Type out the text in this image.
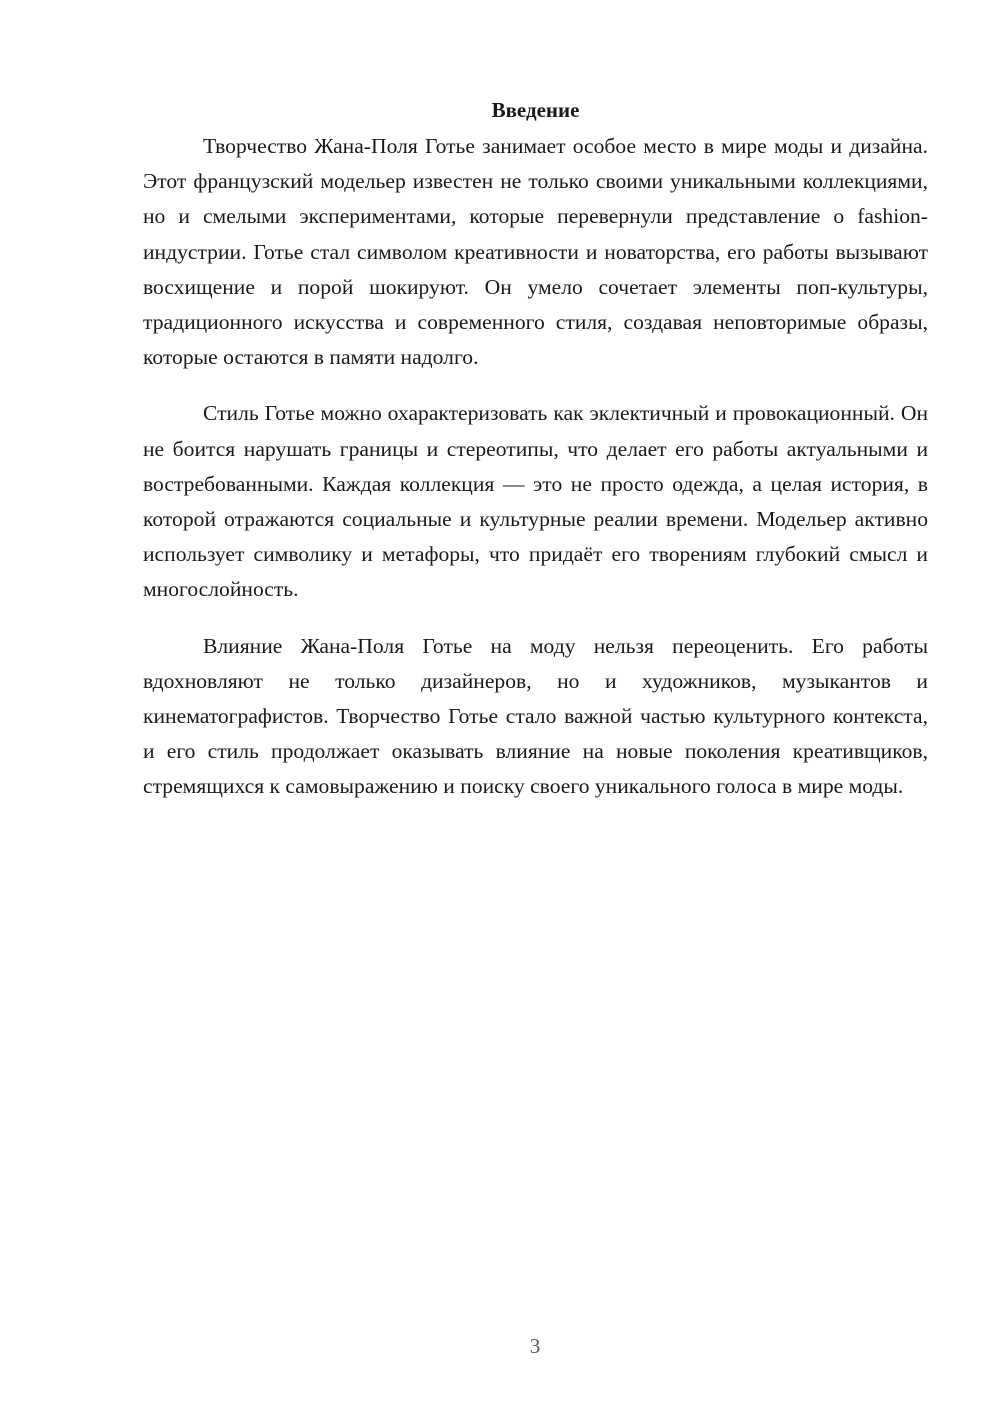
Введение

Творчество Жана-Поля Готье занимает особое место в мире моды и дизайна. Этот французский модельер известен не только своими уникальными коллекциями, но и смелыми экспериментами, которые перевернули представление о fashion-индустрии. Готье стал символом креативности и новаторства, его работы вызывают восхищение и порой шокируют. Он умело сочетает элементы поп-культуры, традиционного искусства и современного стиля, создавая неповторимые образы, которые остаются в памяти надолго.

Стиль Готье можно охарактеризовать как эклектичный и провокационный. Он не боится нарушать границы и стереотипы, что делает его работы актуальными и востребованными. Каждая коллекция — это не просто одежда, а целая история, в которой отражаются социальные и культурные реалии времени. Модельер активно использует символику и метафоры, что придаёт его творениям глубокий смысл и многослойность.

Влияние Жана-Поля Готье на моду нельзя переоценить. Его работы вдохновляют не только дизайнеров, но и художников, музыкантов и кинематографистов. Творчество Готье стало важной частью культурного контекста, и его стиль продолжает оказывать влияние на новые поколения креативщиков, стремящихся к самовыражению и поиску своего уникального голоса в мире моды.

3
